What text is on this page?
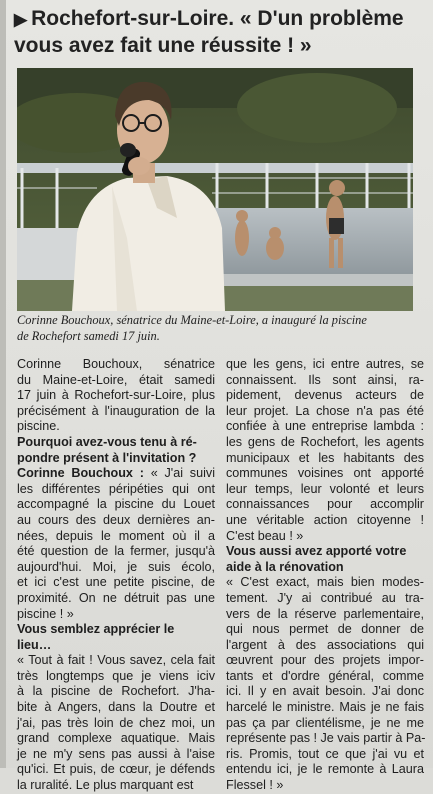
▶ Rochefort-sur-Loire. « D'un problème
vous avez fait une réussite ! »
Corinne Bouchoux, sénatrice du Maine-et-Loire, a inauguré la piscine
de Rochefort samedi 17 juin.
Corinne Bouchoux, sénatrice
du Maine-et-Loire, était samedi
17 juin à Rochefort-sur-Loire, plus
précisément à l'inauguration de la
piscine.
Pourquoi avez-vous tenu à ré-
pondre présent à l'invitation ?
Corinne Bouchoux : « J'ai suivi
les différentes péripéties qui ont
accompagné la piscine du Louet
au cours des deux dernières an-
nées, depuis le moment où il a
été question de la fermer, jusqu'à
aujourd'hui. Moi, je suis écolo,
et ici c'est une petite piscine, de
proximité. On ne détruit pas une
piscine ! »
Vous semblez apprécier le
lieu…
« Tout à fait ! Vous savez, cela fait
très longtemps que je viens iciv
à la piscine de Rochefort. J'ha-
bite à Angers, dans la Doutre et
j'ai, pas très loin de chez moi, un
grand complexe aquatique. Mais
je ne m'y sens pas aussi à l'aise
qu'ici. Et puis, de cœur, je défends
la ruralité. Le plus marquant est
que les gens, ici entre autres, se
connaissent. Ils sont ainsi, ra-
pidement, devenus acteurs de
leur projet. La chose n'a pas été
confiée à une entreprise lambda :
les gens de Rochefort, les agents
municipaux et les habitants des
communes voisines ont apporté
leur temps, leur volonté et leurs
connaissances pour accomplir
une véritable action citoyenne !
C'est beau ! »
Vous aussi avez apporté votre
aide à la rénovation
« C'est exact, mais bien modes-
tement. J'y ai contribué au tra-
vers de la réserve parlementaire,
qui nous permet de donner de
l'argent à des associations qui
œuvrent pour des projets impor-
tants et d'ordre général, comme
ici. Il y en avait besoin. J'ai donc
harcelé le ministre. Mais je ne fais
pas ça par clientélisme, je ne me
représente pas ! Je vais partir à Pa-
ris. Promis, tout ce que j'ai vu et
entendu ici, je le remonte à Laura
Flessel ! »
